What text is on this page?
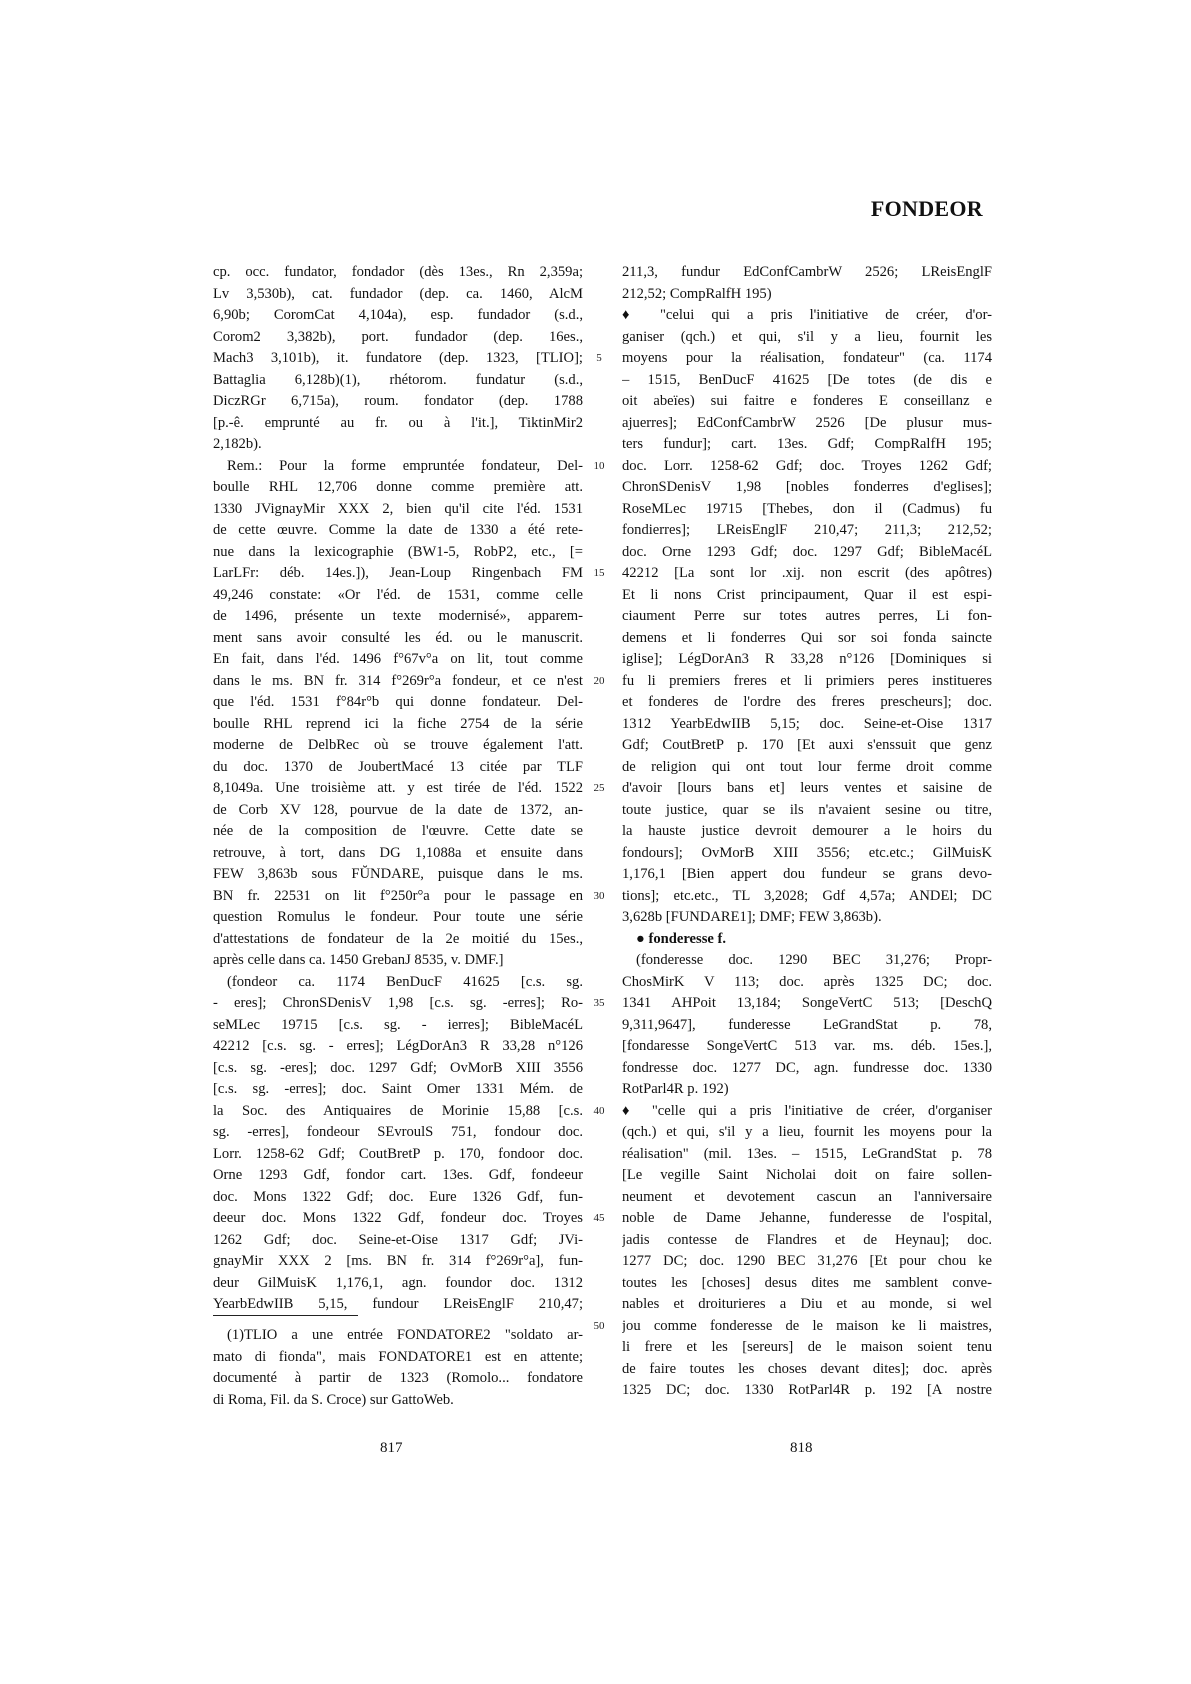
FONDEOR
cp. occ. fundator, fondador (dès 13es., Rn 2,359a;
Lv 3,530b), cat. fundador (dep. ca. 1460, AlcM
6,90b; CoromCat 4,104a), esp. fundador (s.d.,
Corom2 3,382b), port. fundador (dep. 16es.,
Mach3 3,101b), it. fundatore (dep. 1323, [TLIO];
Battaglia 6,128b)(1), rhétorom. fundatur (s.d.,
DiczRGr 6,715a), roum. fondator (dep. 1788
[p.-ê. emprunté au fr. ou à l'it.], TiktinMir2
2,182b).
Rem.: Pour la forme empruntée fondateur, Del-
boulle RHL 12,706 donne comme première att.
1330 JVignayMir XXX 2, bien qu'il cite l'éd. 1531
de cette œuvre. Comme la date de 1330 a été rete-
nue dans la lexicographie (BW1-5, RobP2, etc., [=
LarLFr: déb. 14es.]), Jean-Loup Ringenbach FM
49,246 constate: «Or l'éd. de 1531, comme celle
de 1496, présente un texte modernisé», apparem-
ment sans avoir consulté les éd. ou le manuscrit.
En fait, dans l'éd. 1496 f°67v°a on lit, tout comme
dans le ms. BN fr. 314 f°269r°a fondeur, et ce n'est
que l'éd. 1531 f°84r°b qui donne fondateur. Del-
boulle RHL reprend ici la fiche 2754 de la série
moderne de DelbRec où se trouve également l'att.
du doc. 1370 de JoubertMacé 13 citée par TLF
8,1049a. Une troisième att. y est tirée de l'éd. 1522
de Corb XV 128, pourvue de la date de 1372, an-
née de la composition de l'œuvre. Cette date se
retrouve, à tort, dans DG 1,1088a et ensuite dans
FEW 3,863b sous FŬNDARE, puisque dans le ms.
BN fr. 22531 on lit f°250r°a pour le passage en
question Romulus le fondeur. Pour toute une série
d'attestations de fondateur de la 2e moitié du 15es.,
après celle dans ca. 1450 GrebanJ 8535, v. DMF.]
(fondeor ca. 1174 BenDucF 41625 [c.s. sg.
- eres]; ChronSDenisV 1,98 [c.s. sg. -erres]; Ro-
seMLec 19715 [c.s. sg. - ierres]; BibleMacéL
42212 [c.s. sg. - erres]; LégDorAn3 R 33,28 n°126
[c.s. sg. -eres]; doc. 1297 Gdf; OvMorB XIII 3556
[c.s. sg. -erres]; doc. Saint Omer 1331 Mém. de
la Soc. des Antiquaires de Morinie 15,88 [c.s.
sg. -erres], fondeour SEvroulS 751, fondour doc.
Lorr. 1258-62 Gdf; CoutBretP p. 170, fondoor doc.
Orne 1293 Gdf, fondor cart. 13es. Gdf, fondeeur
doc. Mons 1322 Gdf; doc. Eure 1326 Gdf, fun-
deeur doc. Mons 1322 Gdf, fondeur doc. Troyes
1262 Gdf; doc. Seine-et-Oise 1317 Gdf; JVi-
gnayMir XXX 2 [ms. BN fr. 314 f°269r°a], fun-
deur GilMuisK 1,176,1, agn. foundor doc. 1312
YearbEdwIIB 5,15, fundour LReisEnglF 210,47;
(1)TLIO a une entrée FONDATORE2 "soldato ar-
mato di fionda", mais FONDATORE1 est en attente;
documenté à partir de 1323 (Romolo... fondatore
di Roma, Fil. da S. Croce) sur GattoWeb.
5
10
15
20
25
30
35
40
45
50
211,3, fundur EdConfCambrW 2526; LReisEnglF
212,52; CompRalfH 195)
♦ "celui qui a pris l'initiative de créer, d'or-
ganiser (qch.) et qui, s'il y a lieu, fournit les
moyens pour la réalisation, fondateur" (ca. 1174
– 1515, BenDucF 41625 [De totes (de dis e
oit abeïes) sui faitre e fonderes E conseillanz e
ajuerres]; EdConfCambrW 2526 [De plusur mus-
ters fundur]; cart. 13es. Gdf; CompRalfH 195;
doc. Lorr. 1258-62 Gdf; doc. Troyes 1262 Gdf;
ChronSDenisV 1,98 [nobles fonderres d'eglises];
RoseMLec 19715 [Thebes, don il (Cadmus) fu
fondierres]; LReisEnglF 210,47; 211,3; 212,52;
doc. Orne 1293 Gdf; doc. 1297 Gdf; BibleMacéL
42212 [La sont lor .xij. non escrit (des apôtres)
Et li nons Crist principaument, Quar il est espi-
ciaument Perre sur totes autres perres, Li fon-
demens et li fonderres Qui sor soi fonda saincte
iglise]; LégDorAn3 R 33,28 n°126 [Dominiques si
fu li premiers freres et li primiers peres institueres
et fonderes de l'ordre des freres prescheurs]; doc.
1312 YearbEdwIIB 5,15; doc. Seine-et-Oise 1317
Gdf; CoutBretP p. 170 [Et auxi s'enssuit que genz
de religion qui ont tout lour ferme droit comme
d'avoir [lours bans et] leurs ventes et saisine de
toute justice, quar se ils n'avaient sesine ou titre,
la hauste justice devroit demourer a le hoirs du
fondours]; OvMorB XIII 3556; etc.etc.; GilMuisK
1,176,1 [Bien appert dou fundeur se grans devo-
tions]; etc.etc., TL 3,2028; Gdf 4,57a; ANDEl; DC
3,628b [FUNDARE1]; DMF; FEW 3,863b).
● fonderesse f.
(fonderesse doc. 1290 BEC 31,276; Propr-
ChosMirK V 113; doc. après 1325 DC; doc.
1341 AHPoit 13,184; SongeVertC 513; [DeschQ
9,311,9647], funderesse LeGrandStat p. 78,
[fondaresse SongeVertC 513 var. ms. déb. 15es.],
fondresse doc. 1277 DC, agn. fundresse doc. 1330
RotParl4R p. 192)
♦ "celle qui a pris l'initiative de créer, d'organiser
(qch.) et qui, s'il y a lieu, fournit les moyens pour la
réalisation" (mil. 13es. – 1515, LeGrandStat p. 78
[Le vegille Saint Nicholai doit on faire sollen-
neument et devotement cascun an l'anniversaire
noble de Dame Jehanne, funderesse de l'ospital,
jadis contesse de Flandres et de Heynau]; doc.
1277 DC; doc. 1290 BEC 31,276 [Et pour chou ke
toutes les [choses] desus dites me samblent conve-
nables et droiturieres a Diu et au monde, si wel
jou comme fonderesse de le maison ke li maistres,
li frere et les [sereurs] de le maison soient tenu
de faire toutes les choses devant dites]; doc. après
1325 DC; doc. 1330 RotParl4R p. 192 [A nostre
817	818
